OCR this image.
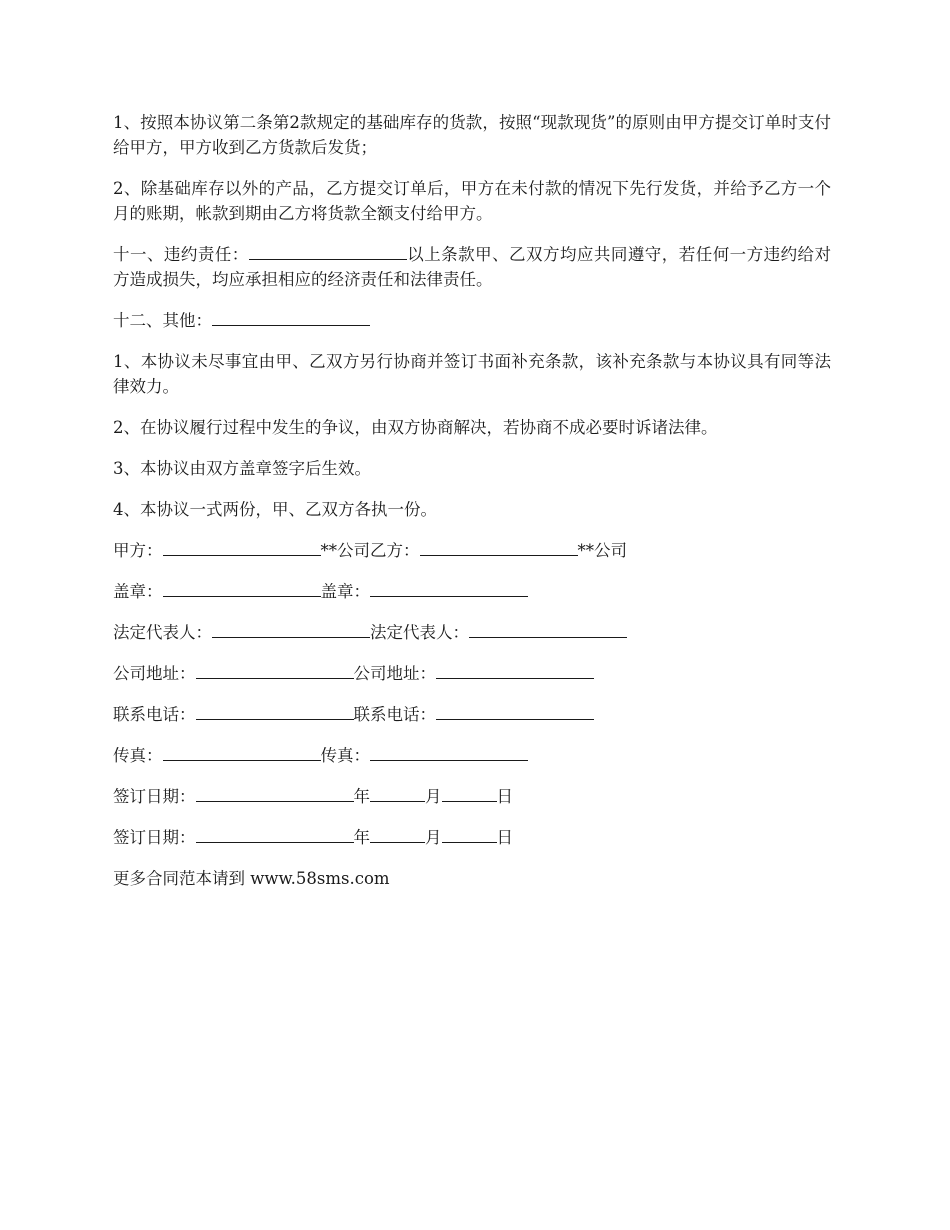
1、按照本协议第二条第2款规定的基础库存的货款，按照“现款现货”的原则由甲方提交订单时支付给甲方，甲方收到乙方货款后发货；

2、除基础库存以外的产品，乙方提交订单后，甲方在未付款的情况下先行发货，并给予乙方一个月的账期，帐款到期由乙方将货款全额支付给甲方。

十一、违约责任：	以上条款甲、乙双方均应共同遵守，若任何一方违约给对方造成损失，均应承担相应的经济责任和法律责任。

十二、其他：

1、本协议未尽事宜由甲、乙双方另行协商并签订书面补充条款，该补充条款与本协议具有同等法律效力。

2、在协议履行过程中发生的争议，由双方协商解决，若协商不成必要时诉诸法律。
3、本协议由双方盖章签字后生效。
4、本协议一式两份，甲、乙双方各执一份。
甲方：	**公司乙方：	**公司
盖章：	盖章：
法定代表人：	法定代表人：
公司地址：	公司地址：
联系电话：	联系电话：
传真：	传真：
签订日期：	年	月	日
签订日期：	年	月	日
更多合同范本请到 www.58sms.com
